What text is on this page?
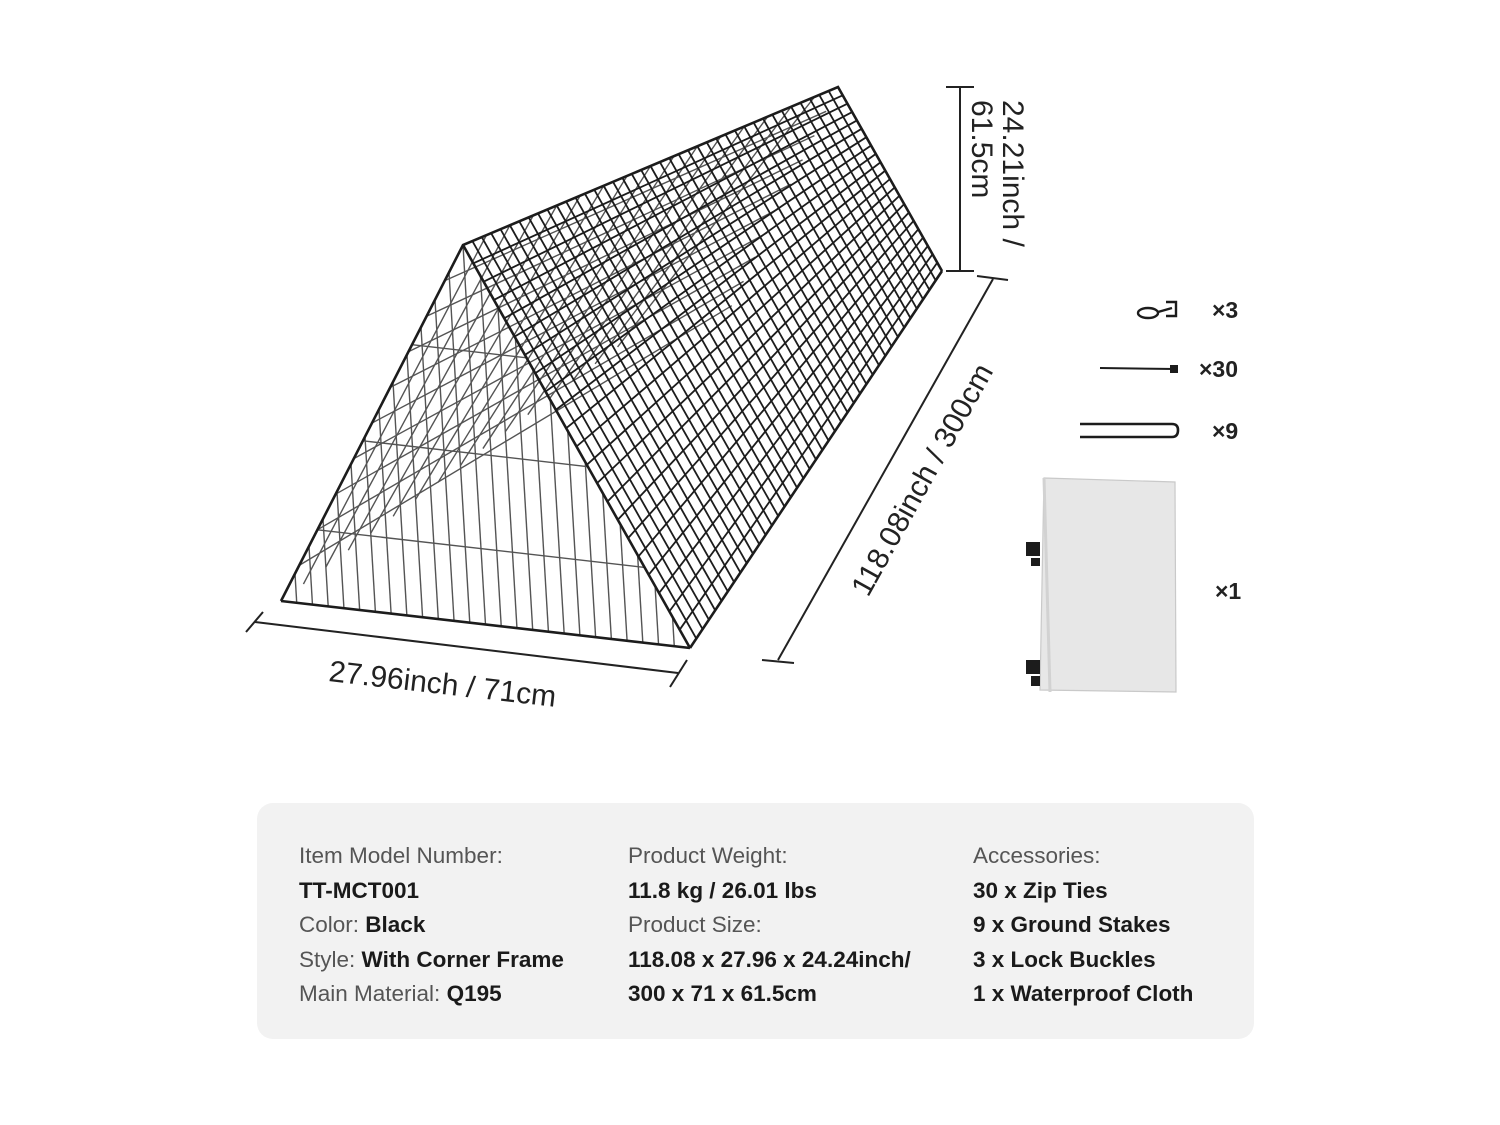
24.21inch /
61.5cm
118.08inch / 300cm
27.96inch / 71cm
×3
×30
×9
×1
Item Model Number:
TT-MCT001
Color: Black
Style: With Corner Frame
Main Material: Q195
Product Weight:
11.8 kg / 26.01 lbs
Product Size:
118.08 x 27.96 x 24.24inch/
300 x 71 x 61.5cm
Accessories:
30 x Zip Ties
9 x Ground Stakes
3 x Lock Buckles
1 x Waterproof Cloth
